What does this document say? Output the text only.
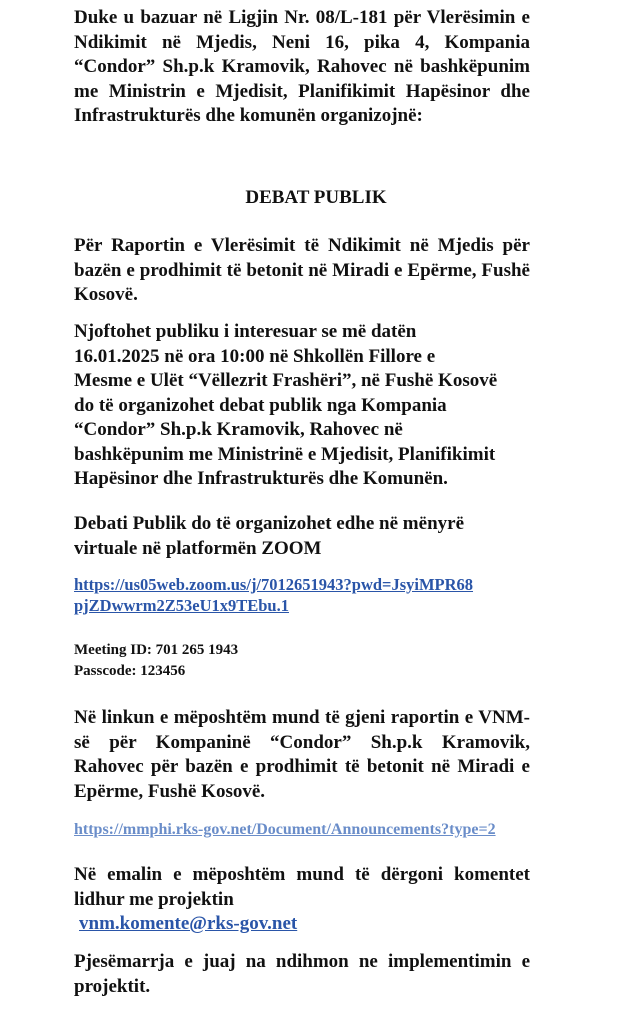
Duke u bazuar në Ligjin Nr. 08/L-181 për Vlerësimin e Ndikimit në Mjedis, Neni 16, pika 4, Kompania “Condor” Sh.p.k Kramovik, Rahovec në bashkëpunim me Ministrin e Mjedisit, Planifikimit Hapësinor dhe Infrastrukturës dhe komunën organizojnë:

DEBAT PUBLIK

Për Raportin e Vlerësimit të Ndikimit në Mjedis për bazën e prodhimit të betonit në Miradi e Epërme, Fushë Kosovë.

Njoftohet publiku i interesuar se më datën
16.01.2025 në ora 10:00 në Shkollën Fillore e
Mesme e Ulët “Vëllezrit Frashëri”, në Fushë Kosovë
do të organizohet debat publik nga Kompania
“Condor” Sh.p.k Kramovik, Rahovec në
bashkëpunim me Ministrinë e Mjedisit, Planifikimit
Hapësinor dhe Infrastrukturës dhe Komunën.
Debati Publik do të organizohet edhe në mënyrë
virtuale në platformën ZOOM
https://us05web.zoom.us/j/7012651943?pwd=JsyiMPR68pjZDwwrm2Z53eU1x9TEbu.1
Meeting ID: 701 265 1943
Passcode: 123456

Në linkun e mëposhtëm mund të gjeni raportin e VNM-së për Kompaninë “Condor” Sh.p.k Kramovik, Rahovec për bazën e prodhimit të betonit në Miradi e Epërme, Fushë Kosovë.

https://mmphi.rks-gov.net/Document/Announcements?type=2

Në emalin e mëposhtëm mund të dërgoni komentet lidhur me projektin

vnm.komente@rks-gov.net

Pjesëmarrja e juaj na ndihmon ne implementimin e projektit.
